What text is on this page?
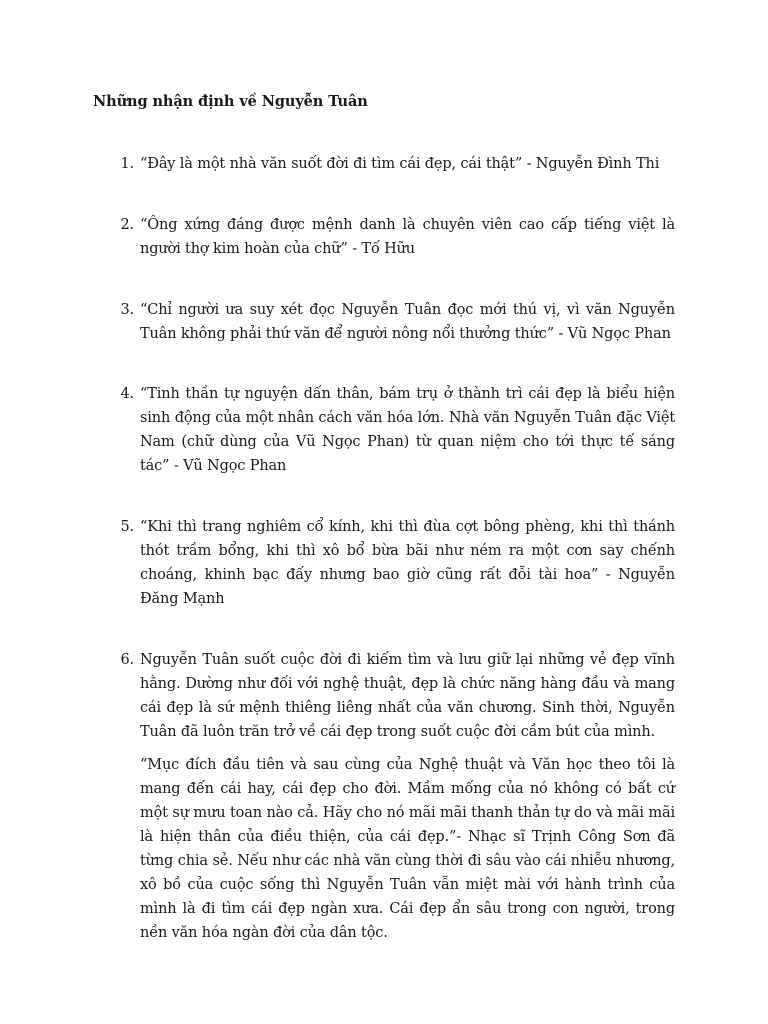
Những nhận định về Nguyễn Tuân
1. “Đây là một nhà văn suốt đời đi tìm cái đẹp, cái thật” - Nguyễn Đình Thi

2. “Ông xứng đáng được mệnh danh là chuyên viên cao cấp tiếng việt là người thợ kim hoàn của chữ” - Tố Hữu

3. “Chỉ người ưa suy xét đọc Nguyễn Tuân đọc mới thú vị, vì văn Nguyễn Tuân không phải thứ văn để người nông nổi thưởng thức” - Vũ Ngọc Phan

4. “Tinh thần tự nguyện dấn thân, bám trụ ở thành trì cái đẹp là biểu hiện sinh động của một nhân cách văn hóa lớn. Nhà văn Nguyễn Tuân đặc Việt Nam (chữ dùng của Vũ Ngọc Phan) từ quan niệm cho tới thực tế sáng tác” - Vũ Ngọc Phan

5. “Khi thì trang nghiêm cổ kính, khi thì đùa cợt bông phèng, khi thì thánh thót trầm bổng, khi thì xô bổ bừa bãi như ném ra một cơn say chếnh choáng, khinh bạc đấy nhưng bao giờ cũng rất đỗi tài hoa” - Nguyễn Đăng Mạnh

6. Nguyễn Tuân suốt cuộc đời đi kiếm tìm và lưu giữ lại những vẻ đẹp vĩnh hằng. Dường như đối với nghệ thuật, đẹp là chức năng hàng đầu và mang cái đẹp là sứ mệnh thiêng liêng nhất của văn chương. Sinh thời, Nguyễn Tuân đã luôn trăn trở về cái đẹp trong suốt cuộc đời cầm bút của mình.

“Mục đích đầu tiên và sau cùng của Nghệ thuật và Văn học theo tôi là mang đến cái hay, cái đẹp cho đời. Mầm mống của nó không có bất cứ một sự mưu toan nào cả. Hãy cho nó mãi mãi thanh thản tự do và mãi mãi là hiện thân của điều thiện, của cái đẹp.”- Nhạc sĩ Trịnh Công Sơn đã từng chia sẻ. Nếu như các nhà văn cùng thời đi sâu vào cái nhiễu nhương, xô bồ của cuộc sống thì Nguyễn Tuân vẫn miệt mài với hành trình của mình là đi tìm cái đẹp ngàn xưa. Cái đẹp ẩn sâu trong con người, trong nền văn hóa ngàn đời của dân tộc.
